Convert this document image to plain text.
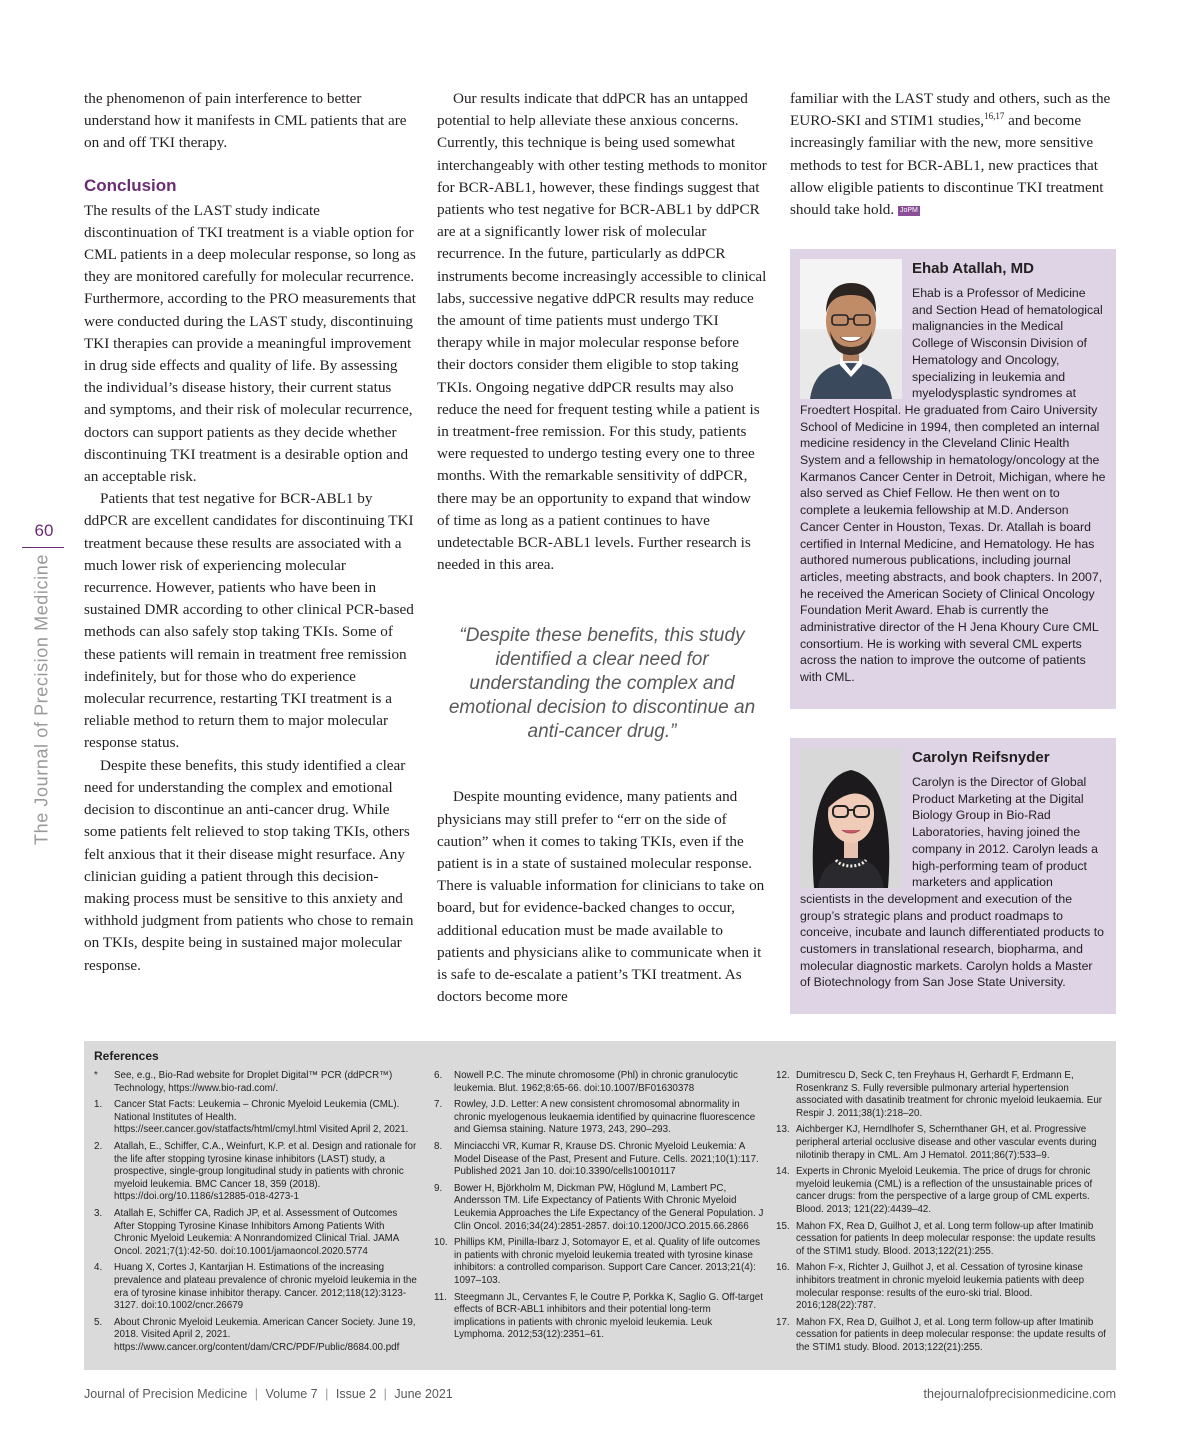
60
The Journal of Precision Medicine

the phenomenon of pain interference to better understand how it manifests in CML patients that are on and off TKI therapy.

Conclusion

The results of the LAST study indicate discontinuation of TKI treatment is a viable option for CML patients in a deep molecular response, so long as they are monitored carefully for molecular recurrence. Furthermore, according to the PRO measurements that were conducted during the LAST study, discontinuing TKI therapies can provide a meaningful improvement in drug side effects and quality of life. By assessing the individual’s disease history, their current status and symptoms, and their risk of molecular recurrence, doctors can support patients as they decide whether discontinuing TKI treatment is a desirable option and an acceptable risk.

Patients that test negative for BCR-ABL1 by ddPCR are excellent candidates for discontinuing TKI treatment because these results are associated with a much lower risk of experiencing molecular recurrence. However, patients who have been in sustained DMR according to other clinical PCR-based methods can also safely stop taking TKIs. Some of these patients will remain in treatment free remission indefinitely, but for those who do experience molecular recurrence, restarting TKI treatment is a reliable method to return them to major molecular response status.

Despite these benefits, this study identified a clear need for understanding the complex and emotional decision to discontinue an anti-cancer drug. While some patients felt relieved to stop taking TKIs, others felt anxious that it their disease might resurface. Any clinician guiding a patient through this decision-making process must be sensitive to this anxiety and withhold judgment from patients who chose to remain on TKIs, despite being in sustained major molecular response.

Our results indicate that ddPCR has an untapped potential to help alleviate these anxious concerns. Currently, this technique is being used somewhat interchangeably with other testing methods to monitor for BCR-ABL1, however, these findings suggest that patients who test negative for BCR-ABL1 by ddPCR are at a significantly lower risk of molecular recurrence. In the future, particularly as ddPCR instruments become increasingly accessible to clinical labs, successive negative ddPCR results may reduce the amount of time patients must undergo TKI therapy while in major molecular response before their doctors consider them eligible to stop taking TKIs. Ongoing negative ddPCR results may also reduce the need for frequent testing while a patient is in treatment-free remission. For this study, patients were requested to undergo testing every one to three months. With the remarkable sensitivity of ddPCR, there may be an opportunity to expand that window of time as long as a patient continues to have undetectable BCR-ABL1 levels. Further research is needed in this area.

“Despite these benefits, this study identified a clear need for understanding the complex and emotional decision to discontinue an anti-cancer drug.”

Despite mounting evidence, many patients and physicians may still prefer to “err on the side of caution” when it comes to taking TKIs, even if the patient is in a state of sustained molecular response. There is valuable information for clinicians to take on board, but for evidence-backed changes to occur, additional education must be made available to patients and physicians alike to communicate when it is safe to de-escalate a patient’s TKI treatment. As doctors become more

familiar with the LAST study and others, such as the EURO-SKI and STIM1 studies,$^{16,17}$ and become increasingly familiar with the new, more sensitive methods to test for BCR-ABL1, new practices that allow eligible patients to discontinue TKI treatment should take hold. JoPM

Ehab Atallah, MD
Ehab is a Professor of Medicine and Section Head of hematological malignancies in the Medical College of Wisconsin Division of Hematology and Oncology, specializing in leukemia and myelodysplastic syndromes at Froedtert Hospital. He graduated from Cairo University School of Medicine in 1994, then completed an internal medicine residency in the Cleveland Clinic Health System and a fellowship in hematology/oncology at the Karmanos Cancer Center in Detroit, Michigan, where he also served as Chief Fellow. He then went on to complete a leukemia fellowship at M.D. Anderson Cancer Center in Houston, Texas. Dr. Atallah is board certified in Internal Medicine, and Hematology. He has authored numerous publications, including journal articles, meeting abstracts, and book chapters. In 2007, he received the American Society of Clinical Oncology Foundation Merit Award. Ehab is currently the administrative director of the H Jena Khoury Cure CML consortium. He is working with several CML experts across the nation to improve the outcome of patients with CML.
Carolyn Reifsnyder
Carolyn is the Director of Global Product Marketing at the Digital Biology Group in Bio-Rad Laboratories, having joined the company in 2012. Carolyn leads a high-performing team of product marketers and application scientists in the development and execution of the group’s strategic plans and product roadmaps to conceive, incubate and launch differentiated products to customers in translational research, biopharma, and molecular diagnostic markets. Carolyn holds a Master of Biotechnology from San Jose State University.
References
* See, e.g., Bio-Rad website for Droplet Digital™ PCR (ddPCR™) Technology, https://www.bio-rad.com/.
1. Cancer Stat Facts: Leukemia – Chronic Myeloid Leukemia (CML). National Institutes of Health. https://seer.cancer.gov/statfacts/html/cmyl.html Visited April 2, 2021.
2. Atallah, E., Schiffer, C.A., Weinfurt, K.P. et al. Design and rationale for the life after stopping tyrosine kinase inhibitors (LAST) study, a prospective, single-group longitudinal study in patients with chronic myeloid leukemia. BMC Cancer 18, 359 (2018). https://doi.org/10.1186/s12885-018-4273-1
3. Atallah E, Schiffer CA, Radich JP, et al. Assessment of Outcomes After Stopping Tyrosine Kinase Inhibitors Among Patients With Chronic Myeloid Leukemia: A Nonrandomized Clinical Trial. JAMA Oncol. 2021;7(1):42-50. doi:10.1001/jamaoncol.2020.5774
4. Huang X, Cortes J, Kantarjian H. Estimations of the increasing prevalence and plateau prevalence of chronic myeloid leukemia in the era of tyrosine kinase inhibitor therapy. Cancer. 2012;118(12):3123-3127. doi:10.1002/cncr.26679
5. About Chronic Myeloid Leukemia. American Cancer Society. June 19, 2018. Visited April 2, 2021. https://www.cancer.org/content/dam/CRC/PDF/Public/8684.00.pdf
6. Nowell P.C. The minute chromosome (Phl) in chronic granulocytic leukemia. Blut. 1962;8:65-66. doi:10.1007/BF01630378
7. Rowley, J.D. Letter: A new consistent chromosomal abnormality in chronic myelogenous leukaemia identified by quinacrine fluorescence and Giemsa staining. Nature 1973, 243, 290–293.
8. Minciacchi VR, Kumar R, Krause DS. Chronic Myeloid Leukemia: A Model Disease of the Past, Present and Future. Cells. 2021;10(1):117. Published 2021 Jan 10. doi:10.3390/cells10010117
9. Bower H, Björkholm M, Dickman PW, Höglund M, Lambert PC, Andersson TM. Life Expectancy of Patients With Chronic Myeloid Leukemia Approaches the Life Expectancy of the General Population. J Clin Oncol. 2016;34(24):2851-2857. doi:10.1200/JCO.2015.66.2866
10. Phillips KM, Pinilla-Ibarz J, Sotomayor E, et al. Quality of life outcomes in patients with chronic myeloid leukemia treated with tyrosine kinase inhibitors: a controlled comparison. Support Care Cancer. 2013;21(4): 1097–103.
11. Steegmann JL, Cervantes F, le Coutre P, Porkka K, Saglio G. Off-target effects of BCR-ABL1 inhibitors and their potential long-term implications in patients with chronic myeloid leukemia. Leuk Lymphoma. 2012;53(12):2351–61.
12. Dumitrescu D, Seck C, ten Freyhaus H, Gerhardt F, Erdmann E, Rosenkranz S. Fully reversible pulmonary arterial hypertension associated with dasatinib treatment for chronic myeloid leukaemia. Eur Respir J. 2011;38(1):218–20.
13. Aichberger KJ, Herndlhofer S, Schernthaner GH, et al. Progressive peripheral arterial occlusive disease and other vascular events during nilotinib therapy in CML. Am J Hematol. 2011;86(7):533–9.
14. Experts in Chronic Myeloid Leukemia. The price of drugs for chronic myeloid leukemia (CML) is a reflection of the unsustainable prices of cancer drugs: from the perspective of a large group of CML experts. Blood. 2013; 121(22):4439–42.
15. Mahon FX, Rea D, Guilhot J, et al. Long term follow-up after Imatinib cessation for patients In deep molecular response: the update results of the STIM1 study. Blood. 2013;122(21):255.
16. Mahon F-x, Richter J, Guilhot J, et al. Cessation of tyrosine kinase inhibitors treatment in chronic myeloid leukemia patients with deep molecular response: results of the euro-ski trial. Blood. 2016;128(22):787.
17. Mahon FX, Rea D, Guilhot J, et al. Long term follow-up after Imatinib cessation for patients in deep molecular response: the update results of the STIM1 study. Blood. 2013;122(21):255.
Journal of Precision Medicine | Volume 7 | Issue 2 | June 2021	thejournalofprecisionmedicine.com
